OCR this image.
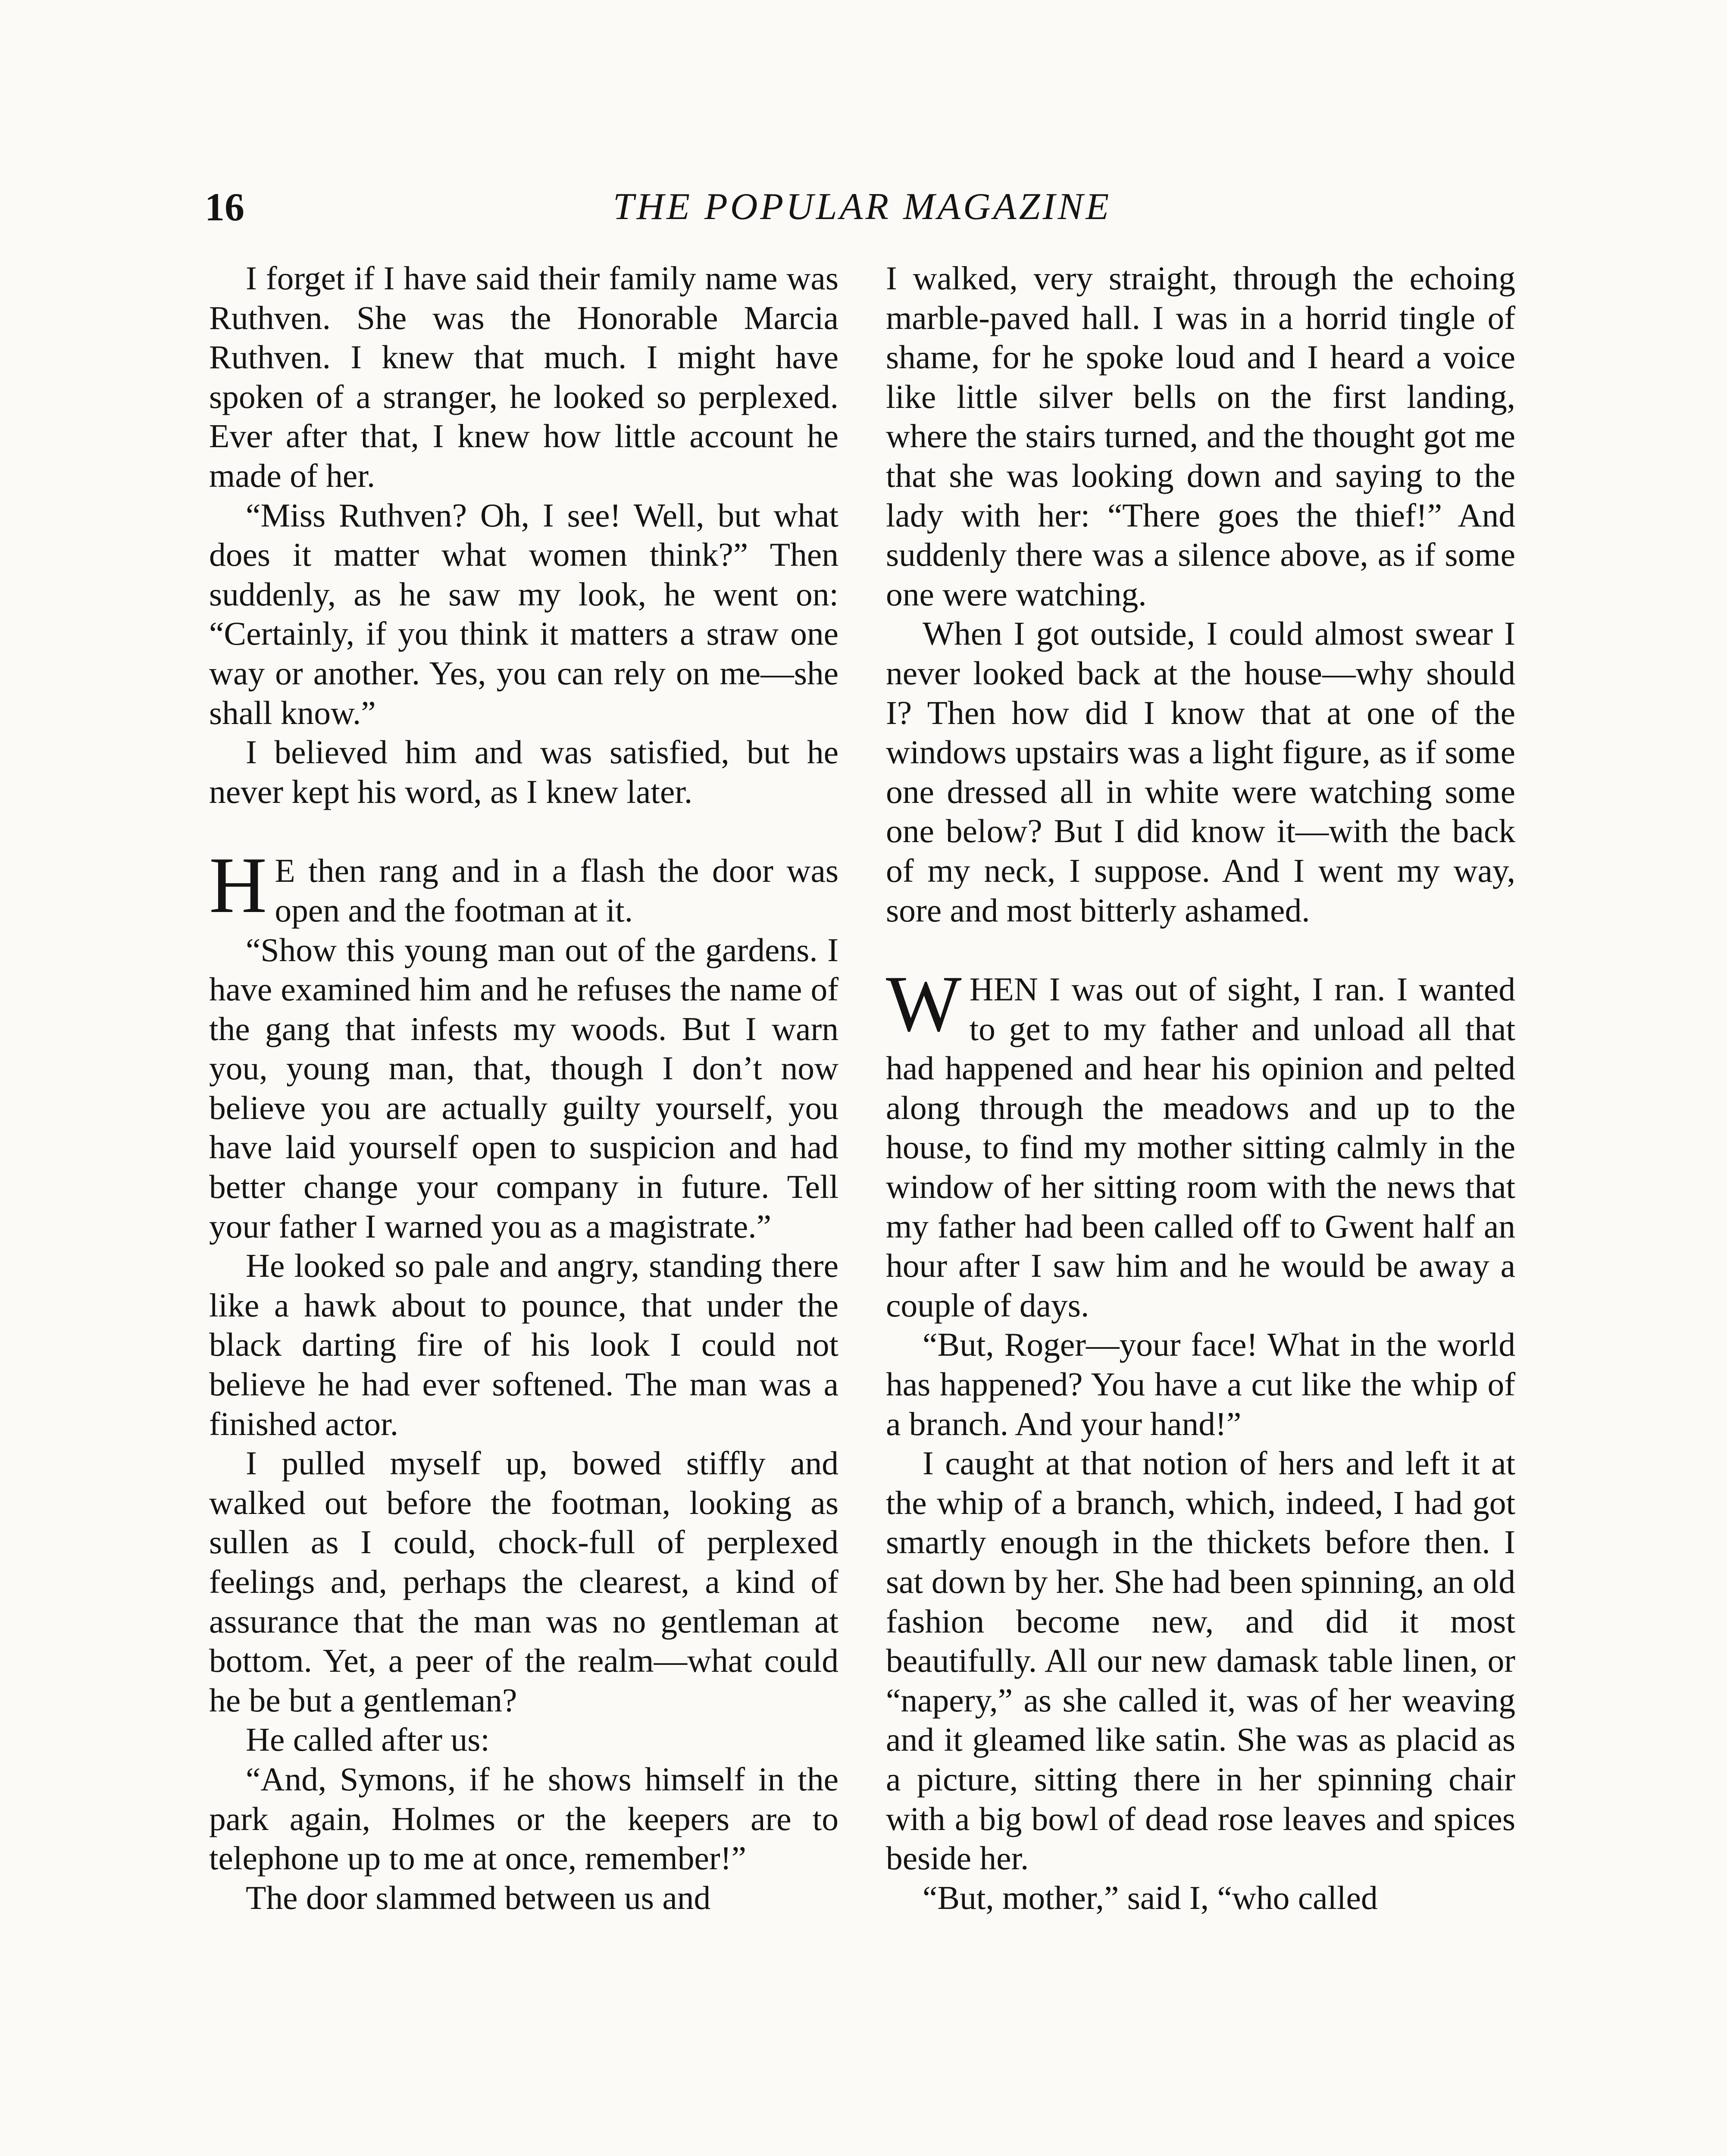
16	THE POPULAR MAGAZINE

I forget if I have said their family name was Ruthven. She was the Honorable Marcia Ruthven. I knew that much. I might have spoken of a stranger, he looked so perplexed. Ever after that, I knew how little account he made of her.

“Miss Ruthven? Oh, I see! Well, but what does it matter what women think?” Then suddenly, as he saw my look, he went on: “Certainly, if you think it matters a straw one way or another. Yes, you can rely on me—she shall know.”

I believed him and was satisfied, but he never kept his word, as I knew later.

H E then rang and in a flash the door was open and the footman at it.

“Show this young man out of the gardens. I have examined him and he refuses the name of the gang that infests my woods. But I warn you, young man, that, though I don’t now believe you are actually guilty yourself, you have laid yourself open to suspicion and had better change your company in future. Tell your father I warned you as a magistrate.”

He looked so pale and angry, standing there like a hawk about to pounce, that under the black darting fire of his look I could not believe he had ever softened. The man was a finished actor.

I pulled myself up, bowed stiffly and walked out before the footman, looking as sullen as I could, chock-full of perplexed feelings and, perhaps the clearest, a kind of assurance that the man was no gentleman at bottom. Yet, a peer of the realm—what could he be but a gentleman?

He called after us:

“And, Symons, if he shows himself in the park again, Holmes or the keepers are to telephone up to me at once, remember!”

The door slammed between us and

I walked, very straight, through the echoing marble-paved hall. I was in a horrid tingle of shame, for he spoke loud and I heard a voice like little silver bells on the first landing, where the stairs turned, and the thought got me that she was looking down and saying to the lady with her: “There goes the thief!” And suddenly there was a silence above, as if some one were watching.

When I got outside, I could almost swear I never looked back at the house—why should I? Then how did I know that at one of the windows upstairs was a light figure, as if some one dressed all in white were watching some one below? But I did know it—with the back of my neck, I suppose. And I went my way, sore and most bitterly ashamed.

WHEN I was out of sight, I ran. I wanted to get to my father and unload all that had happened and hear his opinion and pelted along through the meadows and up to the house, to find my mother sitting calmly in the window of her sitting room with the news that my father had been called off to Gwent half an hour after I saw him and he would be away a couple of days.

“But, Roger—your face! What in the world has happened? You have a cut like the whip of a branch. And your hand!”

I caught at that notion of hers and left it at the whip of a branch, which, indeed, I had got smartly enough in the thickets before then. I sat down by her. She had been spinning, an old fashion become new, and did it most beautifully. All our new damask table linen, or “napery,” as she called it, was of her weaving and it gleamed like satin. She was as placid as a picture, sitting there in her spinning chair with a big bowl of dead rose leaves and spices beside her.

“But, mother,” said I, “who called
